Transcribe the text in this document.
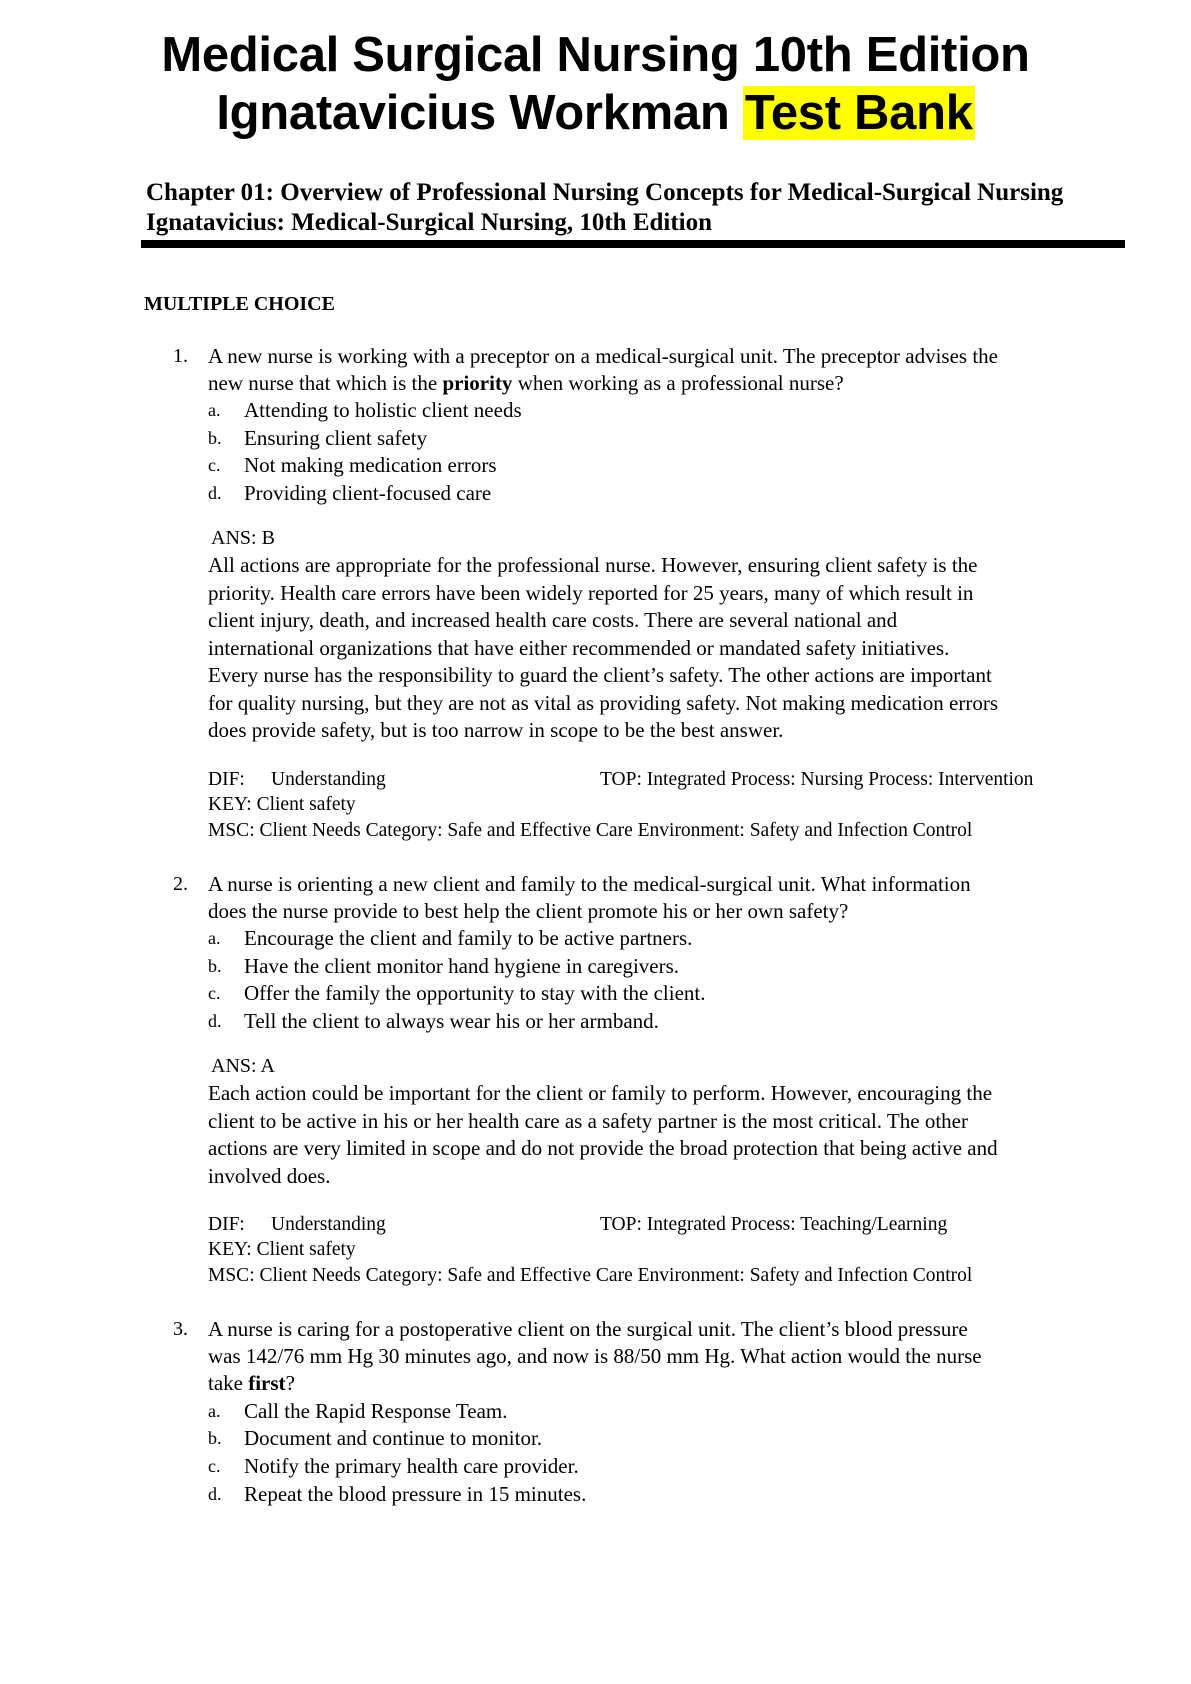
Medical Surgical Nursing 10th Edition
Ignatavicius Workman Test Bank
Chapter 01: Overview of Professional Nursing Concepts for Medical-Surgical Nursing
Ignatavicius: Medical-Surgical Nursing, 10th Edition
MULTIPLE CHOICE
1. A new nurse is working with a preceptor on a medical-surgical unit. The preceptor advises the
new nurse that which is the priority when working as a professional nurse?
a. Attending to holistic client needs
b. Ensuring client safety
c. Not making medication errors
d. Providing client-focused care
ANS: B
All actions are appropriate for the professional nurse. However, ensuring client safety is the
priority. Health care errors have been widely reported for 25 years, many of which result in
client injury, death, and increased health care costs. There are several national and
international organizations that have either recommended or mandated safety initiatives.
Every nurse has the responsibility to guard the client’s safety. The other actions are important
for quality nursing, but they are not as vital as providing safety. Not making medication errors
does provide safety, but is too narrow in scope to be the best answer.
DIF: Understanding	TOP: Integrated Process: Nursing Process: Intervention
KEY: Client safety
MSC: Client Needs Category: Safe and Effective Care Environment: Safety and Infection Control
2. A nurse is orienting a new client and family to the medical-surgical unit. What information
does the nurse provide to best help the client promote his or her own safety?
a. Encourage the client and family to be active partners.
b. Have the client monitor hand hygiene in caregivers.
c. Offer the family the opportunity to stay with the client.
d. Tell the client to always wear his or her armband.
ANS: A
Each action could be important for the client or family to perform. However, encouraging the
client to be active in his or her health care as a safety partner is the most critical. The other
actions are very limited in scope and do not provide the broad protection that being active and
involved does.
DIF: Understanding	TOP: Integrated Process: Teaching/Learning
KEY: Client safety
MSC: Client Needs Category: Safe and Effective Care Environment: Safety and Infection Control
3. A nurse is caring for a postoperative client on the surgical unit. The client’s blood pressure
was 142/76 mm Hg 30 minutes ago, and now is 88/50 mm Hg. What action would the nurse
take first?
a. Call the Rapid Response Team.
b. Document and continue to monitor.
c. Notify the primary health care provider.
d. Repeat the blood pressure in 15 minutes.
